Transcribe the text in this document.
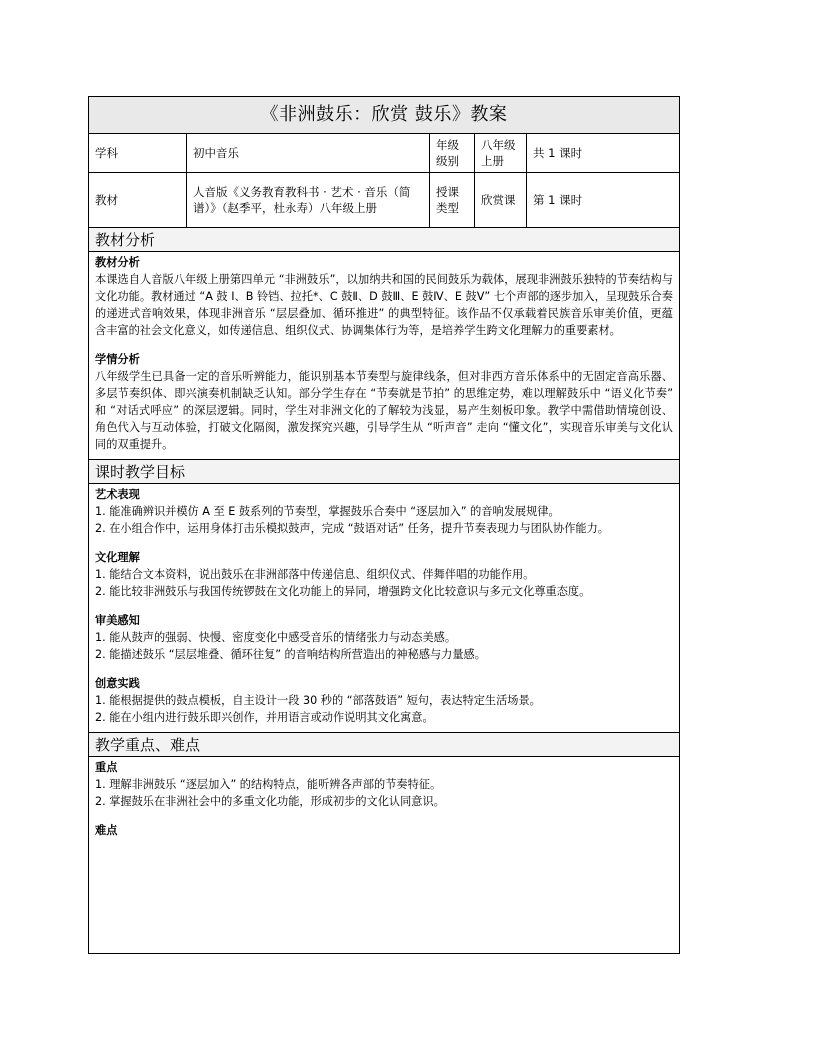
《非洲鼓乐：欣赏 鼓乐》教案
学科	初中音乐
年级级别
八年级上册
共 1 课时
教材
人音版《义务教育教科书 · 艺术 · 音乐（简谱）》（赵季平，杜永寿）八年级上册
授课类型
欣赏课	第 1 课时
教材分析
教材分析

本课选自人音版八年级上册第四单元 “非洲鼓乐”，以加纳共和国的民间鼓乐为载体，展现非洲鼓乐独特的节奏结构与文化功能。教材通过 “A 鼓 I、B 铃铛、拉托*、C 鼓Ⅱ、D 鼓Ⅲ、E 鼓Ⅳ、E 鼓Ⅴ” 七个声部的逐步加入，呈现鼓乐合奏的递进式音响效果，体现非洲音乐 “层层叠加、循环推进” 的典型特征。该作品不仅承载着民族音乐审美价值，更蕴含丰富的社会文化意义，如传递信息、组织仪式、协调集体行为等，是培养学生跨文化理解力的重要素材。

学情分析

八年级学生已具备一定的音乐听辨能力，能识别基本节奏型与旋律线条，但对非西方音乐体系中的无固定音高乐器、多层节奏织体、即兴演奏机制缺乏认知。部分学生存在 “节奏就是节拍” 的思维定势，难以理解鼓乐中 “语义化节奏” 和 “对话式呼应” 的深层逻辑。同时，学生对非洲文化的了解较为浅显，易产生刻板印象。教学中需借助情境创设、角色代入与互动体验，打破文化隔阂，激发探究兴趣，引导学生从 “听声音” 走向 “懂文化”，实现音乐审美与文化认同的双重提升。

课时教学目标
艺术表现

1. 能准确辨识并模仿 A 至 E 鼓系列的节奏型，掌握鼓乐合奏中 “逐层加入” 的音响发展规律。

2. 在小组合作中，运用身体打击乐模拟鼓声，完成 “鼓语对话” 任务，提升节奏表现力与团队协作能力。

文化理解

1. 能结合文本资料，说出鼓乐在非洲部落中传递信息、组织仪式、伴舞伴唱的功能作用。

2. 能比较非洲鼓乐与我国传统锣鼓在文化功能上的异同，增强跨文化比较意识与多元文化尊重态度。

审美感知

1. 能从鼓声的强弱、快慢、密度变化中感受音乐的情绪张力与动态美感。

2. 能描述鼓乐 “层层堆叠、循环往复” 的音响结构所营造出的神秘感与力量感。

创意实践

1. 能根据提供的鼓点模板，自主设计一段 30 秒的 “部落鼓语” 短句，表达特定生活场景。

2. 能在小组内进行鼓乐即兴创作，并用语言或动作说明其文化寓意。

教学重点、难点
重点

1. 理解非洲鼓乐 “逐层加入” 的结构特点，能听辨各声部的节奏特征。

2. 掌握鼓乐在非洲社会中的多重文化功能，形成初步的文化认同意识。

难点
